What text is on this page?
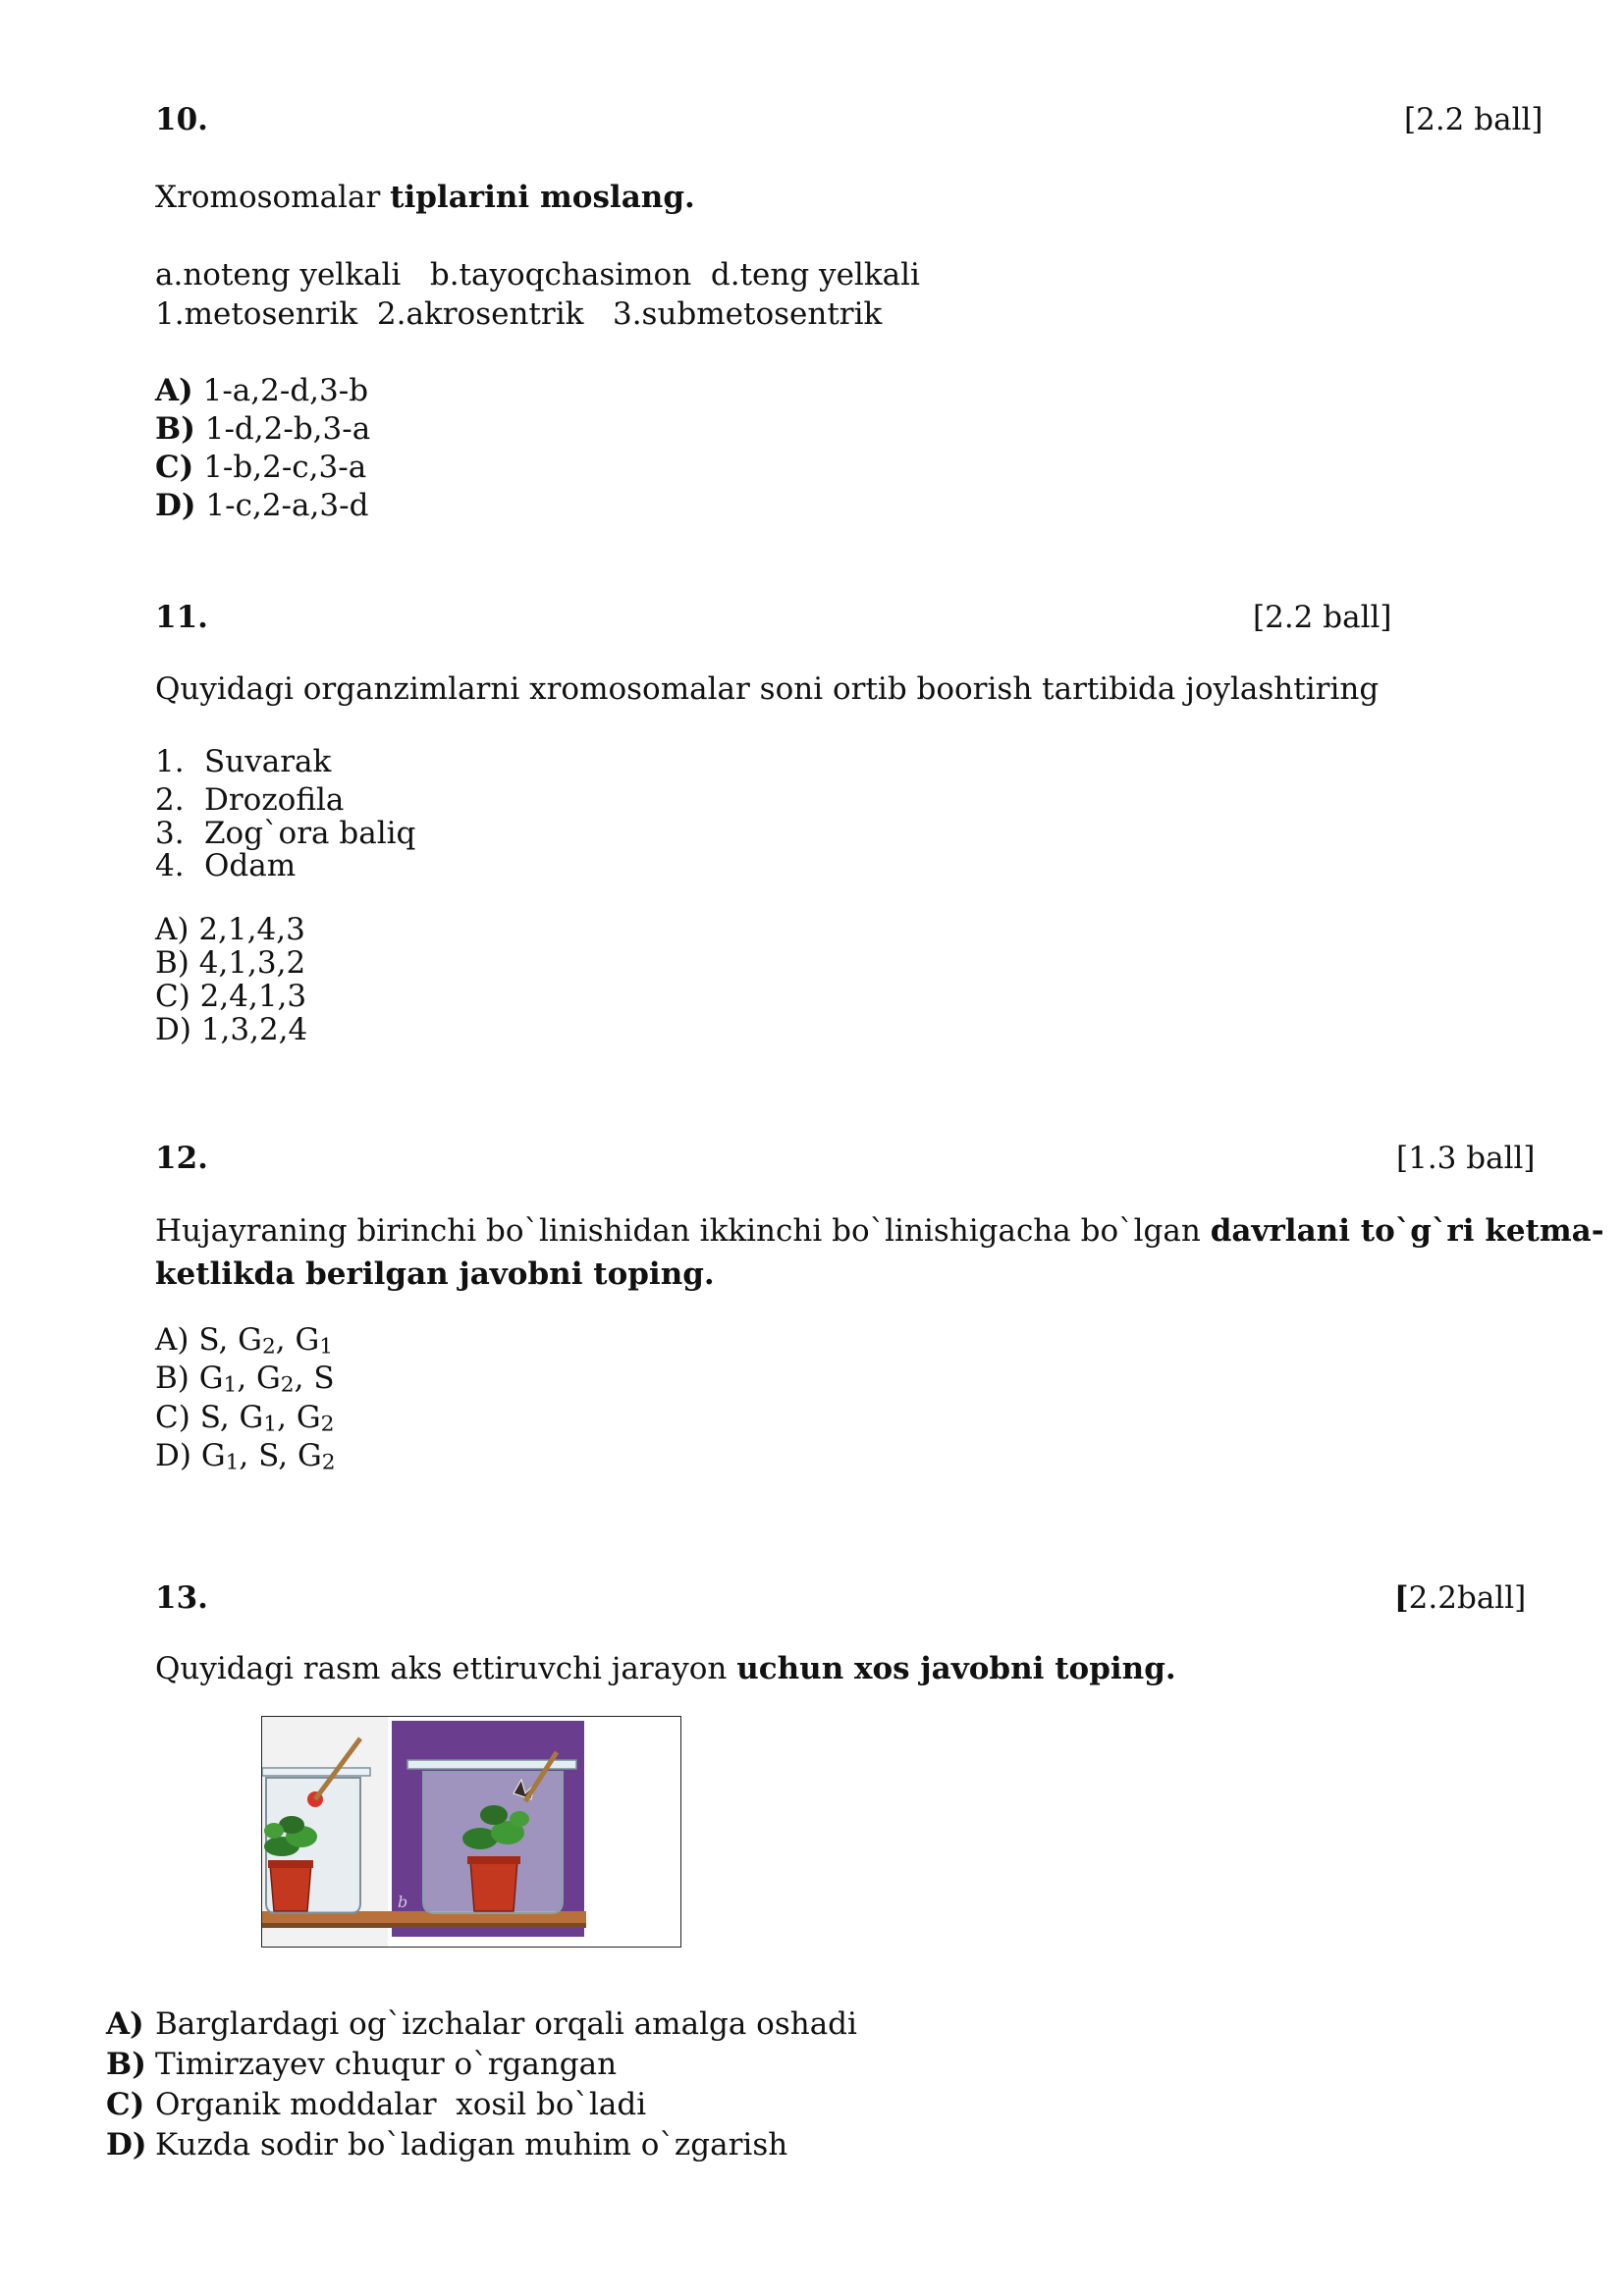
10.	[2.2 ball]
Xromosomalar tiplarini moslang.
a.noteng yelkali   b.tayoqchasimon  d.teng yelkali
1.metosenrik  2.akrosentrik   3.submetosentrik
A) 1-a,2-d,3-b
B) 1-d,2-b,3-a
C) 1-b,2-c,3-a
D) 1-c,2-a,3-d
11.	[2.2 ball]
Quyidagi organzimlarni xromosomalar soni ortib boorish tartibida joylashtiring
1. Suvarak
2. Drozofila
3. Zog`ora baliq
4. Odam
A) 2,1,4,3
B) 4,1,3,2
C) 2,4,1,3
D) 1,3,2,4
12.	[1.3 ball]
Hujayraning birinchi bo`linishidan ikkinchi bo`linishigacha bo`lgan davrlani to`g`ri ketma-
ketlikda berilgan javobni toping.
A) S, $G_2$, $G_1$
B) $G_1$, $G_2$, S
C) S, $G_1$, $G_2$
D) $G_1$, S, $G_2$
13.	[2.2ball]
Quyidagi rasm aks ettiruvchi jarayon uchun xos javobni toping.
b
A) Barglardagi og`izchalar orqali amalga oshadi
B) Timirzayev chuqur o`rgangan
C) Organik moddalar  xosil bo`ladi
D) Kuzda sodir bo`ladigan muhim o`zgarish
